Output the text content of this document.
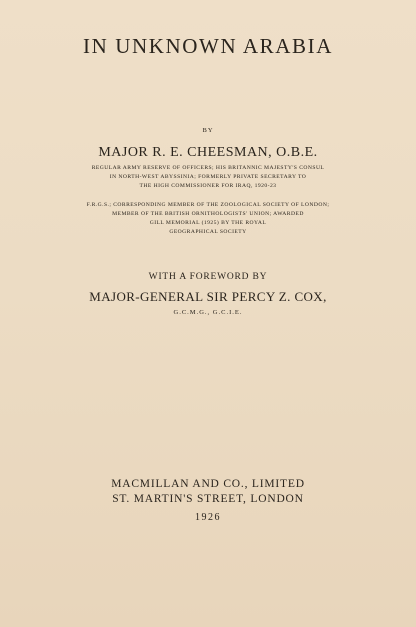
IN UNKNOWN ARABIA
BY
MAJOR R. E. CHEESMAN, O.B.E.
REGULAR ARMY RESERVE OF OFFICERS; HIS BRITANNIC MAJESTY'S CONSUL
IN NORTH-WEST ABYSSINIA; FORMERLY PRIVATE SECRETARY TO
THE HIGH COMMISSIONER FOR IRAQ, 1920-23
F.R.G.S.; CORRESPONDING MEMBER OF THE ZOOLOGICAL SOCIETY OF LONDON;
MEMBER OF THE BRITISH ORNITHOLOGISTS' UNION; AWARDED
GILL MEMORIAL (1925) BY THE ROYAL
GEOGRAPHICAL SOCIETY
WITH A FOREWORD BY
MAJOR-GENERAL SIR PERCY Z. COX,
G.C.M.G., G.C.I.E.
MACMILLAN AND CO., LIMITED
ST. MARTIN'S STREET, LONDON
1926
